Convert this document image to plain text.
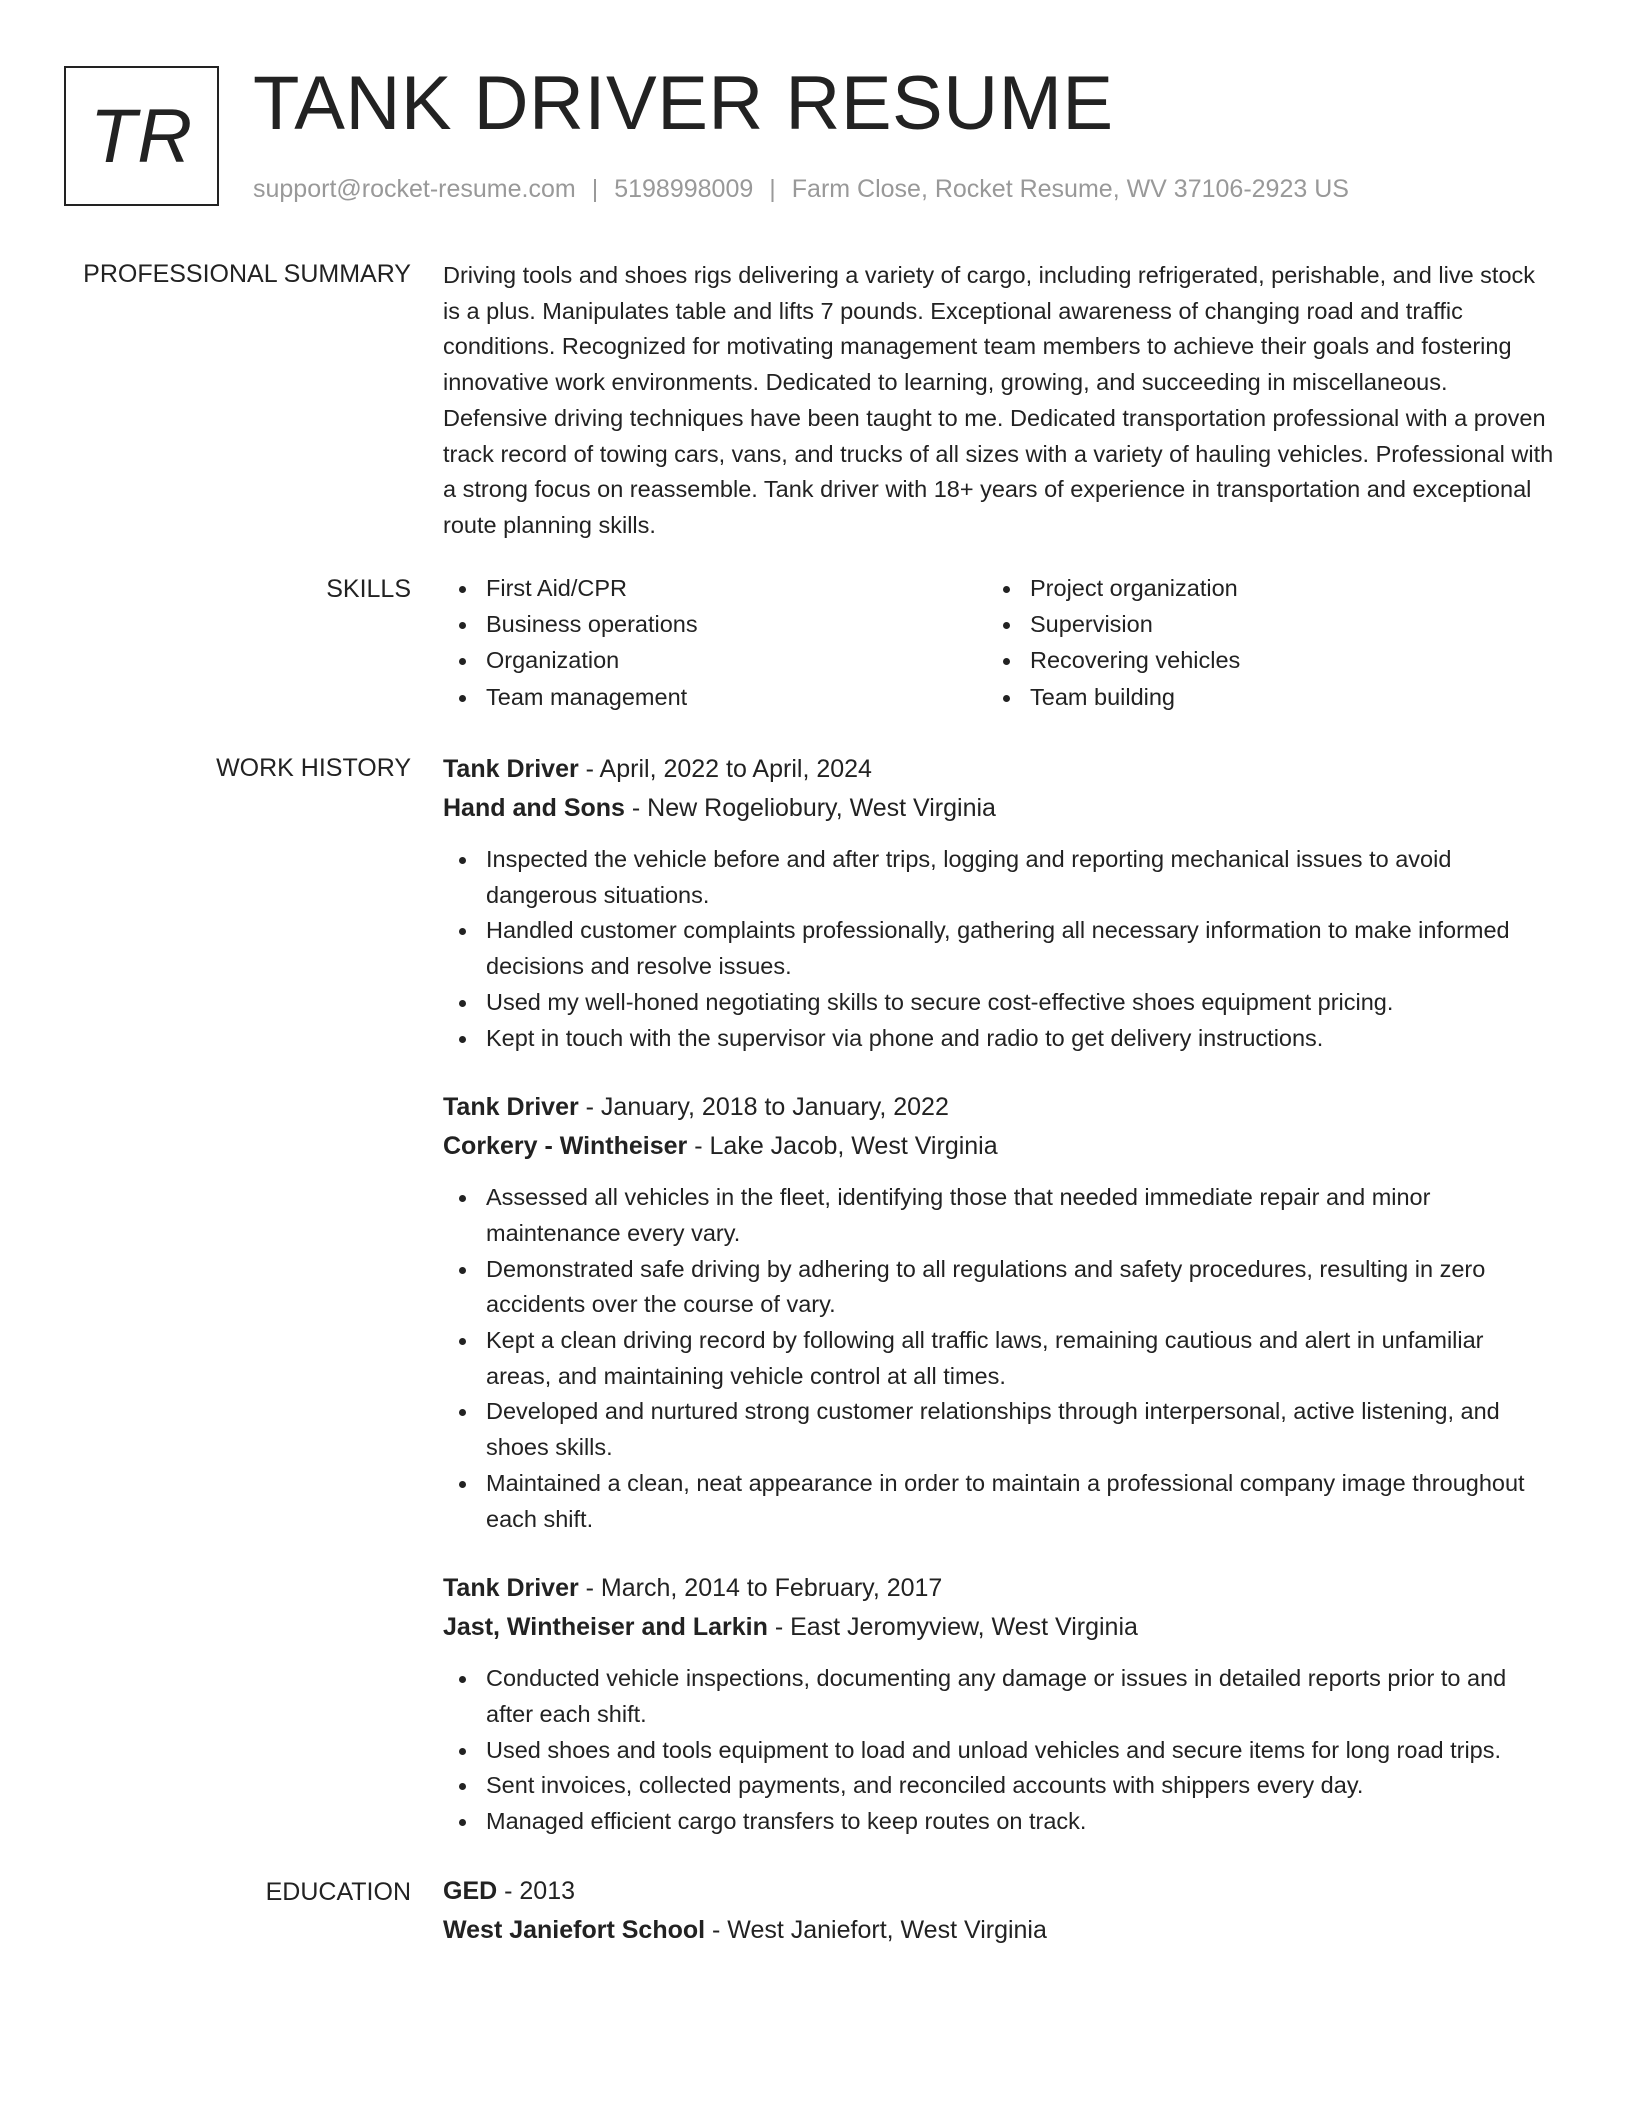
TR TANK DRIVER RESUME
support@rocket-resume.com | 5198998009 | Farm Close, Rocket Resume, WV 37106-2923 US
PROFESSIONAL SUMMARY Driving tools and shoes rigs delivering a variety of cargo, including refrigerated, perishable, and live stock is a plus. Manipulates table and lifts 7 pounds. Exceptional awareness of changing road and traffic conditions. Recognized for motivating management team members to achieve their goals and fostering innovative work environments. Dedicated to learning, growing, and succeeding in miscellaneous. Defensive driving techniques have been taught to me. Dedicated transportation professional with a proven track record of towing cars, vans, and trucks of all sizes with a variety of hauling vehicles. Professional with a strong focus on reassemble. Tank driver with 18+ years of experience in transportation and exceptional route planning skills.

SKILLS	First Aid/CPR
Business operations
Organization
Team management
Project organization
Supervision
Recovering vehicles
Team building
WORK HISTORY Tank Driver - April, 2022 to April, 2024
Hand and Sons - New Rogeliobury, West Virginia
Inspected the vehicle before and after trips, logging and reporting mechanical issues to avoid dangerous situations.
Handled customer complaints professionally, gathering all necessary information to make informed decisions and resolve issues.
Used my well-honed negotiating skills to secure cost-effective shoes equipment pricing.
Kept in touch with the supervisor via phone and radio to get delivery instructions.
Tank Driver - January, 2018 to January, 2022
Corkery - Wintheiser - Lake Jacob, West Virginia
Assessed all vehicles in the fleet, identifying those that needed immediate repair and minor maintenance every vary.
Demonstrated safe driving by adhering to all regulations and safety procedures, resulting in zero accidents over the course of vary.
Kept a clean driving record by following all traffic laws, remaining cautious and alert in unfamiliar areas, and maintaining vehicle control at all times.
Developed and nurtured strong customer relationships through interpersonal, active listening, and shoes skills.
Maintained a clean, neat appearance in order to maintain a professional company image throughout each shift.
Tank Driver - March, 2014 to February, 2017
Jast, Wintheiser and Larkin - East Jeromyview, West Virginia
Conducted vehicle inspections, documenting any damage or issues in detailed reports prior to and after each shift.
Used shoes and tools equipment to load and unload vehicles and secure items for long road trips.
Sent invoices, collected payments, and reconciled accounts with shippers every day.
Managed efficient cargo transfers to keep routes on track.
EDUCATION GED - 2013
West Janiefort School - West Janiefort, West Virginia
